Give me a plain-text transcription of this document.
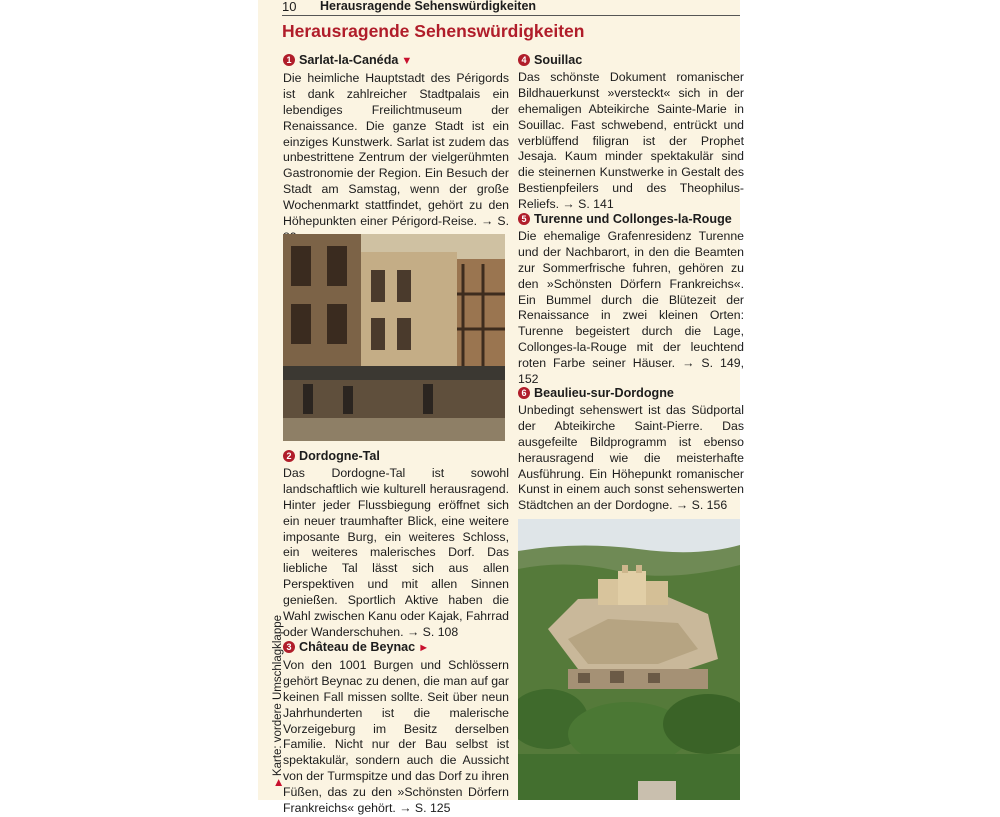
10 Herausragende Sehenswürdigkeiten
Herausragende Sehenswürdigkeiten
1 Sarlat-la-Canéda ▼

Die heimliche Hauptstadt des Périgords ist dank zahlreicher Stadtpalais ein lebendiges Freilichtmuseum der Renaissance. Die ganze Stadt ist ein einziges Kunstwerk. Sarlat ist zudem das unbestrittene Zentrum der vielgerühmten Gastronomie der Region. Ein Besuch der Stadt am Samstag, wenn der große Wochenmarkt stattfindet, gehört zu den Höhepunkten einer Périgord-Reise. → S.

2 Dordogne-Tal

Das Dordogne-Tal ist sowohl landschaftlich wie kulturell herausragend. Hinter jeder Flussbiegung eröffnet sich ein neuer traumhafter Blick, eine weitere imposante Burg, ein weiteres Schloss, ein weiteres malerisches Dorf. Das liebliche Tal lässt sich aus allen Perspektiven und mit allen Sinnen genießen. Sportlich Aktive haben die Wahl zwischen Kanu oder Kajak, Fahrrad oder Wanderschuhen. → S. 108

3 Château de Beynac ►

Von den 1001 Burgen und Schlössern gehört Beynac zu denen, die man auf gar keinen Fall missen sollte. Seit über neun Jahrhunderten ist die malerische Vorzeigeburg im Besitz derselben Familie. Nicht nur der Bau selbst ist spektakulär, sondern auch die Aussicht von der Turmspitze und das Dorf zu ihren Füßen, das zu den »Schönsten Dörfern Frankreichs« gehört. → S. 125

4 Souillac

Das schönste Dokument romanischer Bildhauerkunst »versteckt« sich in der ehemaligen Abteikirche Sainte-Marie in Souillac. Fast schwebend, entrückt und verblüffend filigran ist der Prophet Jesaja. Kaum minder spektakulär sind die steinernen Kunstwerke in Gestalt des Bestienpfeilers und des Theophilus-Reliefs. → S. 141

5 Turenne und Collonges-la-Rouge

Die ehemalige Grafenresidenz Turenne und der Nachbarort, in den die Beamten zur Sommerfrische fuhren, gehören zu den »Schönsten Dörfern Frankreichs«. Ein Bummel durch die Blütezeit der Renaissance in zwei kleinen Orten: Turenne begeistert durch die Lage, Collonges-la-Rouge mit der leuchtend roten Farbe seiner Häuser. → S. 149, 152

6 Beaulieu-sur-Dordogne

Unbedingt sehenswert ist das Südportal der Abteikirche Saint-Pierre. Das ausgefeilte Bildprogramm ist ebenso herausragend wie die meisterhafte Ausführung. Ein Höhepunkt romanischer Kunst in einem auch sonst sehenswerten Städtchen an der Dordogne. → S. 156

▶Karte: vordere Umschlagklappe
